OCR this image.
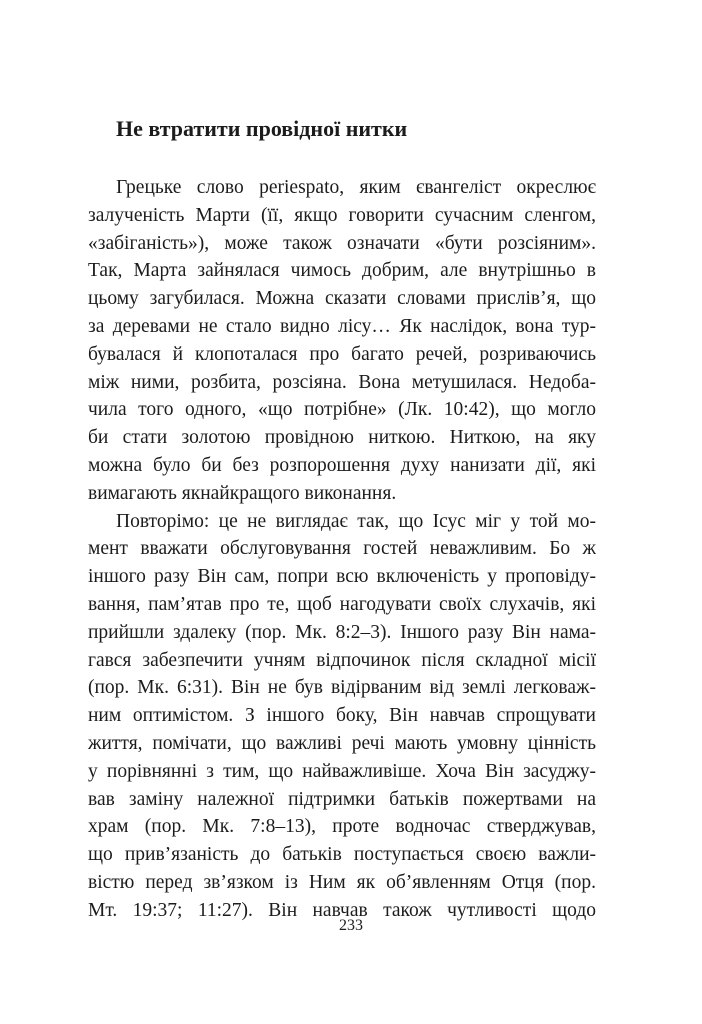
Не втратити провідної нитки
Грецьке слово periespato, яким євангеліст окреслює
залученість Марти (її, якщо говорити сучасним сленгом,
«забіганість»), може також означати «бути розсіяним».
Так, Марта зайнялася чимось добрим, але внутрішньо в
цьому загубилася. Можна сказати словами прислів’я, що
за деревами не стало видно лісу… Як наслідок, вона тур-
бувалася й клопоталася про багато речей, розриваючись
між ними, розбита, розсіяна. Вона метушилася. Недоба-
чила того одного, «що потрібне» (Лк. 10:42), що могло
би стати золотою провідною ниткою. Ниткою, на яку
можна було би без розпорошення духу нанизати дії, які
вимагають якнайкращого виконання.
Повторімо: це не виглядає так, що Ісус міг у той мо-
мент вважати обслуговування гостей неважливим. Бо ж
іншого разу Він сам, попри всю включеність у проповіду-
вання, пам’ятав про те, щоб нагодувати своїх слухачів, які
прийшли здалеку (пор. Мк. 8:2–3). Іншого разу Він нама-
гався забезпечити учням відпочинок після складної місії
(пор. Мк. 6:31). Він не був відірваним від землі легковаж-
ним оптимістом. З іншого боку, Він навчав спрощувати
життя, помічати, що важливі речі мають умовну цінність
у порівнянні з тим, що найважливіше. Хоча Він засуджу-
вав заміну належної підтримки батьків пожертвами на
храм (пор. Мк. 7:8–13), проте водночас стверджував,
що прив’язаність до батьків поступається своєю важли-
вістю перед зв’язком із Ним як об’явленням Отця (пор.
Мт. 19:37; 11:27). Він навчав також чутливості щодо
233
